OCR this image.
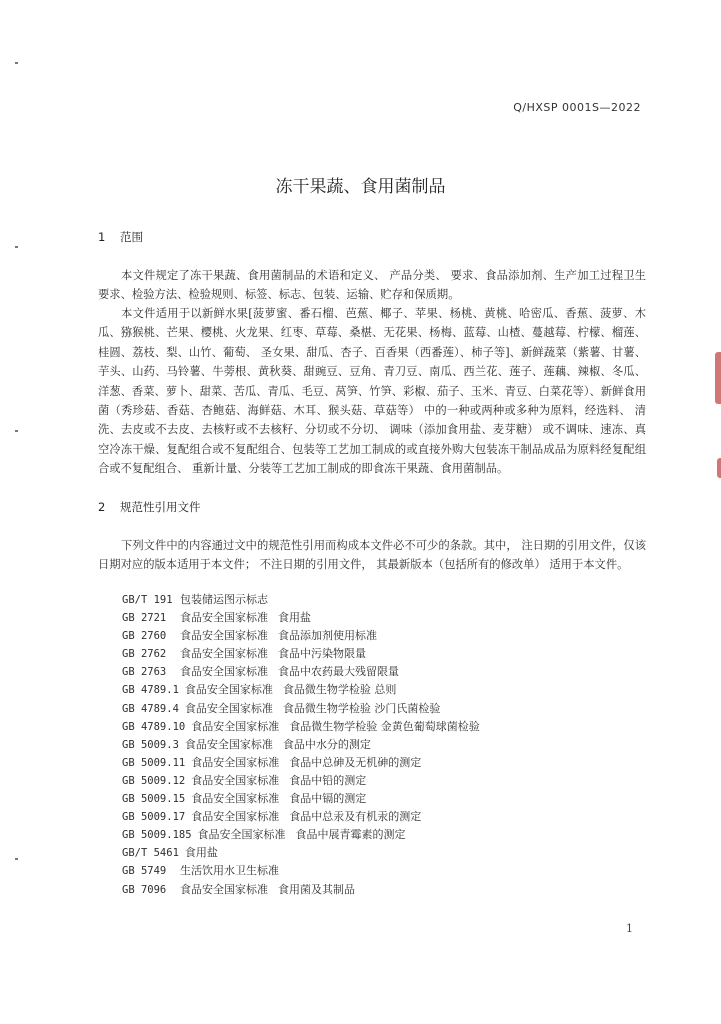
Q/HXSP 0001S—2022
冻干果蔬、食用菌制品
1 范围
本文件规定了冻干果蔬、食用菌制品的术语和定义、 产品分类、 要求、食品添加剂、生产加工过程卫生要求、检验方法、检验规则、标签、标志、包装、运输、贮存和保质期。
本文件适用于以新鲜水果[菠萝蜜、番石榴、芭蕉、椰子、苹果、杨桃、黄桃、哈密瓜、香蕉、菠萝、木瓜、猕猴桃、芒果、樱桃、火龙果、红枣、草莓、桑椹、无花果、杨梅、蓝莓、山楂、蔓越莓、柠檬、榴莲、桂圆、荔枝、梨、山竹、葡萄、 圣女果、甜瓜、杏子、百香果（西番莲）、柿子等]、新鲜蔬菜（紫薯、甘薯、芋头、山药、马铃薯、牛蒡根、黄秋葵、甜豌豆、豆角、青刀豆、南瓜、西兰花、莲子、莲藕、辣椒、冬瓜、洋葱、香菜、萝卜、甜菜、苦瓜、青瓜、毛豆、莴笋、竹笋、彩椒、茄子、玉米、青豆、白菜花等）、新鲜食用菌（秀珍菇、香菇、杏鲍菇、海鲜菇、木耳、猴头菇、草菇等） 中的一种或两种或多种为原料，经选料、 清洗、去皮或不去皮、去核籽或不去核籽、分切或不分切、 调味（添加食用盐、麦芽糖） 或不调味、速冻、真空冷冻干燥、复配组合或不复配组合、包装等工艺加工制成的或直接外购大包装冻干制品成品为原料经复配组合或不复配组合、 重新计量、分装等工艺加工制成的即食冻干果蔬、食用菌制品。
2 规范性引用文件
下列文件中的内容通过文中的规范性引用而构成本文件必不可少的条款。其中， 注日期的引用文件，仅该日期对应的版本适用于本文件； 不注日期的引用文件， 其最新版本（包括所有的修改单） 适用于本文件。
GB/T 191 包装储运图示标志
GB 2721 食品安全国家标准 食用盐
GB 2760 食品安全国家标准 食品添加剂使用标准
GB 2762 食品安全国家标准 食品中污染物限量
GB 2763 食品安全国家标准 食品中农药最大残留限量
GB 4789.1 食品安全国家标准 食品微生物学检验 总则
GB 4789.4 食品安全国家标准 食品微生物学检验 沙门氏菌检验
GB 4789.10 食品安全国家标准 食品微生物学检验 金黄色葡萄球菌检验
GB 5009.3 食品安全国家标准 食品中水分的测定
GB 5009.11 食品安全国家标准 食品中总砷及无机砷的测定
GB 5009.12 食品安全国家标准 食品中铅的测定
GB 5009.15 食品安全国家标准 食品中镉的测定
GB 5009.17 食品安全国家标准 食品中总汞及有机汞的测定
GB 5009.185 食品安全国家标准 食品中展青霉素的测定
GB/T 5461 食用盐
GB 5749 生活饮用水卫生标准
GB 7096 食品安全国家标准 食用菌及其制品
1
